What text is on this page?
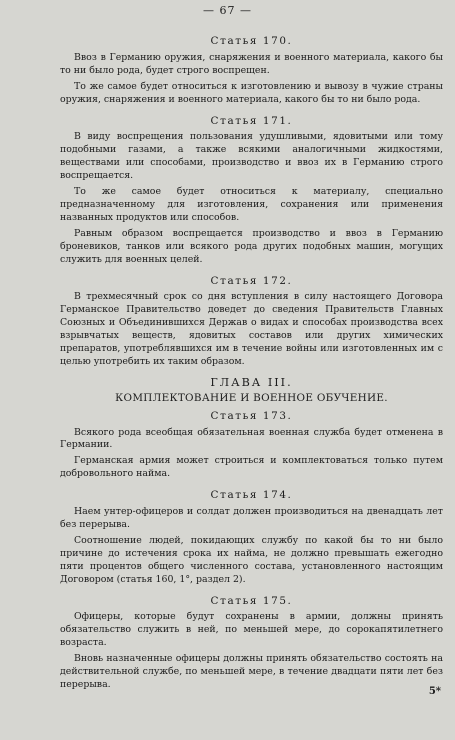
— 67 —
Статья 170.

Ввоз в Германию оружия, снаряжения и военного материала, какого бы то ни было рода, будет строго воспрещен.

То же самое будет относиться к изготовлению и вывозу в чужие страны оружия, снаряжения и военного материала, какого бы то ни было рода.

Статья 171.

В виду воспрещения пользования удушливыми, ядовитыми или тому подобными газами, а также всякими аналогичными жидкостями, веществами или способами, производство и ввоз их в Германию строго воспрещается.

То же самое будет относиться к материалу, специально предназначенному для изготовления, сохранения или применения названных продуктов или способов.

Равным образом воспрещается производство и ввоз в Германию броневиков, танков или всякого рода других подобных машин, могущих служить для военных целей.

Статья 172.

В трехмесячный срок со дня вступления в силу настоящего Договора Германское Правительство доведет до сведения Правительств Главных Союзных и Объединившихся Держав о видах и способах производства всех взрывчатых веществ, ядовитых составов или других химических препаратов, употреблявшихся им в течение войны или изготовленных им с целью употребить их таким образом.

ГЛАВА III.
КОМПЛЕКТОВАНИЕ И ВОЕННОЕ ОБУЧЕНИЕ.
Статья 173.

Всякого рода всеобщая обязательная военная служба будет отменена в Германии.

Германская армия может строиться и комплектоваться только путем добровольного найма.

Статья 174.

Наем унтер-офицеров и солдат должен производиться на двенадцать лет без перерыва.

Соотношение людей, покидающих службу по какой бы то ни было причине до истечения срока их найма, не должно превышать ежегодно пяти процентов общего численного состава, установленного настоящим Договором (статья 160, 1°, раздел 2).

Статья 175.

Офицеры, которые будут сохранены в армии, должны принять обязательство служить в ней, по меньшей мере, до сорокапятилетнего возраста.

Вновь назначенные офицеры должны принять обязательство состоять на действительной службе, по меньшей мере, в течение двадцати пяти лет без перерыва.

5*
